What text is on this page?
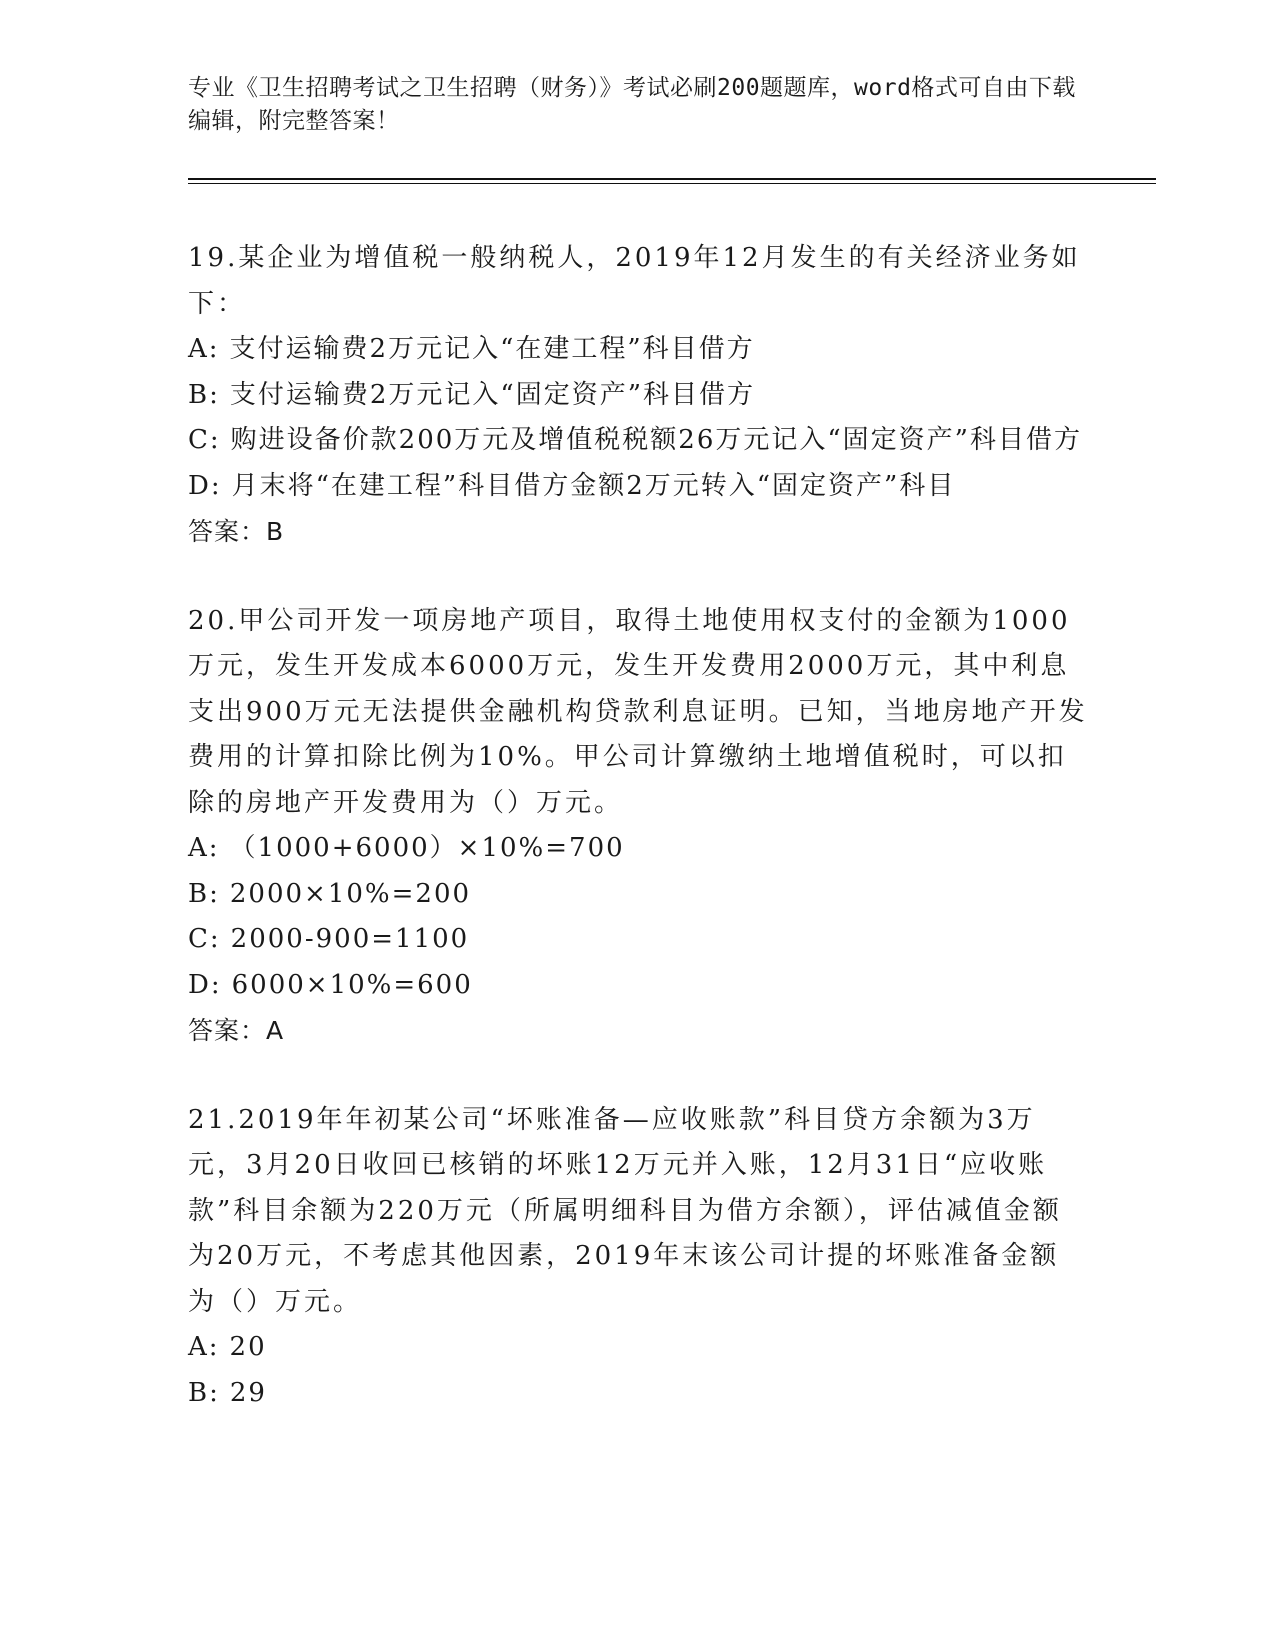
专业《卫生招聘考试之卫生招聘（财务）》考试必刷200题题库，word格式可自由下载编辑，附完整答案！
19.某企业为增值税一般纳税人，2019年12月发生的有关经济业务如下：
A: 支付运输费2万元记入“在建工程”科目借方
B: 支付运输费2万元记入“固定资产”科目借方
C: 购进设备价款200万元及增值税税额26万元记入“固定资产”科目借方
D: 月末将“在建工程”科目借方金额2万元转入“固定资产”科目
答案：B
20.甲公司开发一项房地产项目，取得土地使用权支付的金额为1000万元，发生开发成本6000万元，发生开发费用2000万元，其中利息支出900万元无法提供金融机构贷款利息证明。已知，当地房地产开发费用的计算扣除比例为10%。甲公司计算缴纳土地增值税时，可以扣除的房地产开发费用为（）万元。
A: （1000+6000）×10%=700
B: 2000×10%=200
C: 2000-900=1100
D: 6000×10%=600
答案：A
21.2019年年初某公司“坏账准备—应收账款”科目贷方余额为3万元，3月20日收回已核销的坏账12万元并入账，12月31日“应收账款”科目余额为220万元（所属明细科目为借方余额），评估减值金额为20万元，不考虑其他因素，2019年末该公司计提的坏账准备金额为（）万元。
A: 20
B: 29
